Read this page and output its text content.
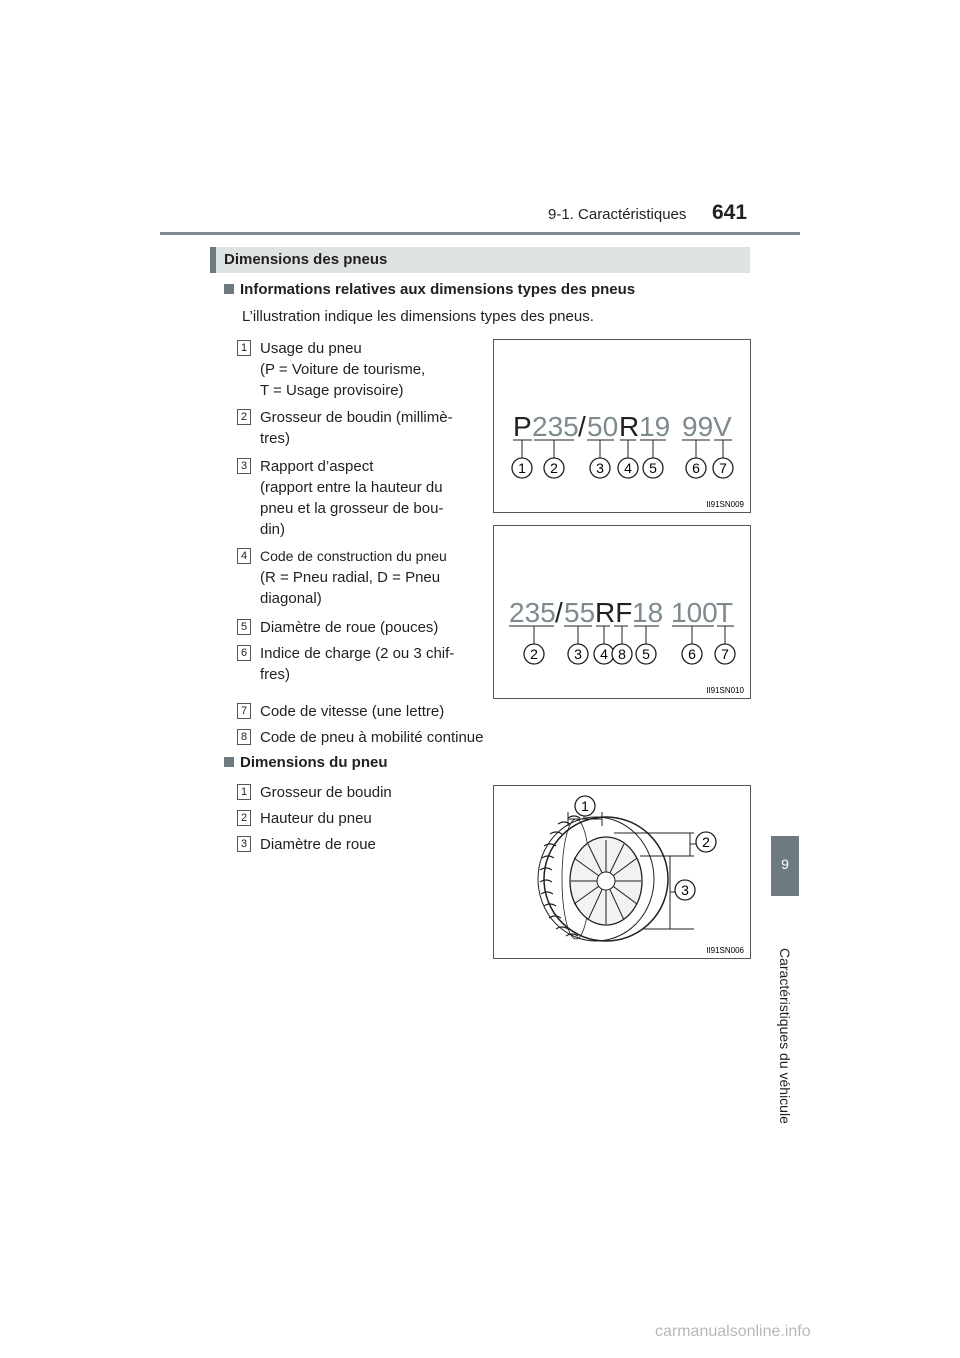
9-1. Caractéristiques 641
9
Caractéristiques du véhicule
Dimensions des pneus
Informations relatives aux dimensions types des pneus
L’illustration indique les dimensions types des pneus.
1 Usage du pneu
(P = Voiture de tourisme,
T = Usage provisoire)
2 Grosseur de boudin (millimè-
tres)
3 Rapport d’aspect
(rapport entre la hauteur du
pneu et la grosseur de bou-
din)
4 Code de construction du pneu
(R = Pneu radial, D = Pneu
diagonal)
5 Diamètre de roue (pouces)
6 Indice de charge (2 ou 3 chif-
fres)
7 Code de vitesse (une lettre)
8 Code de pneu à mobilité continue
P 235 / 50 R 19 99 V
1 2	3 4 5	6 7
II91SN009
235 / 55 RF 18 100
T
2	3 4 8 5	6 7
II91SN010
Dimensions du pneu
1 Grosseur de boudin
2 Hauteur du pneu
3 Diamètre de roue
1
2
3
II91SN006
carmanualsonline.info
